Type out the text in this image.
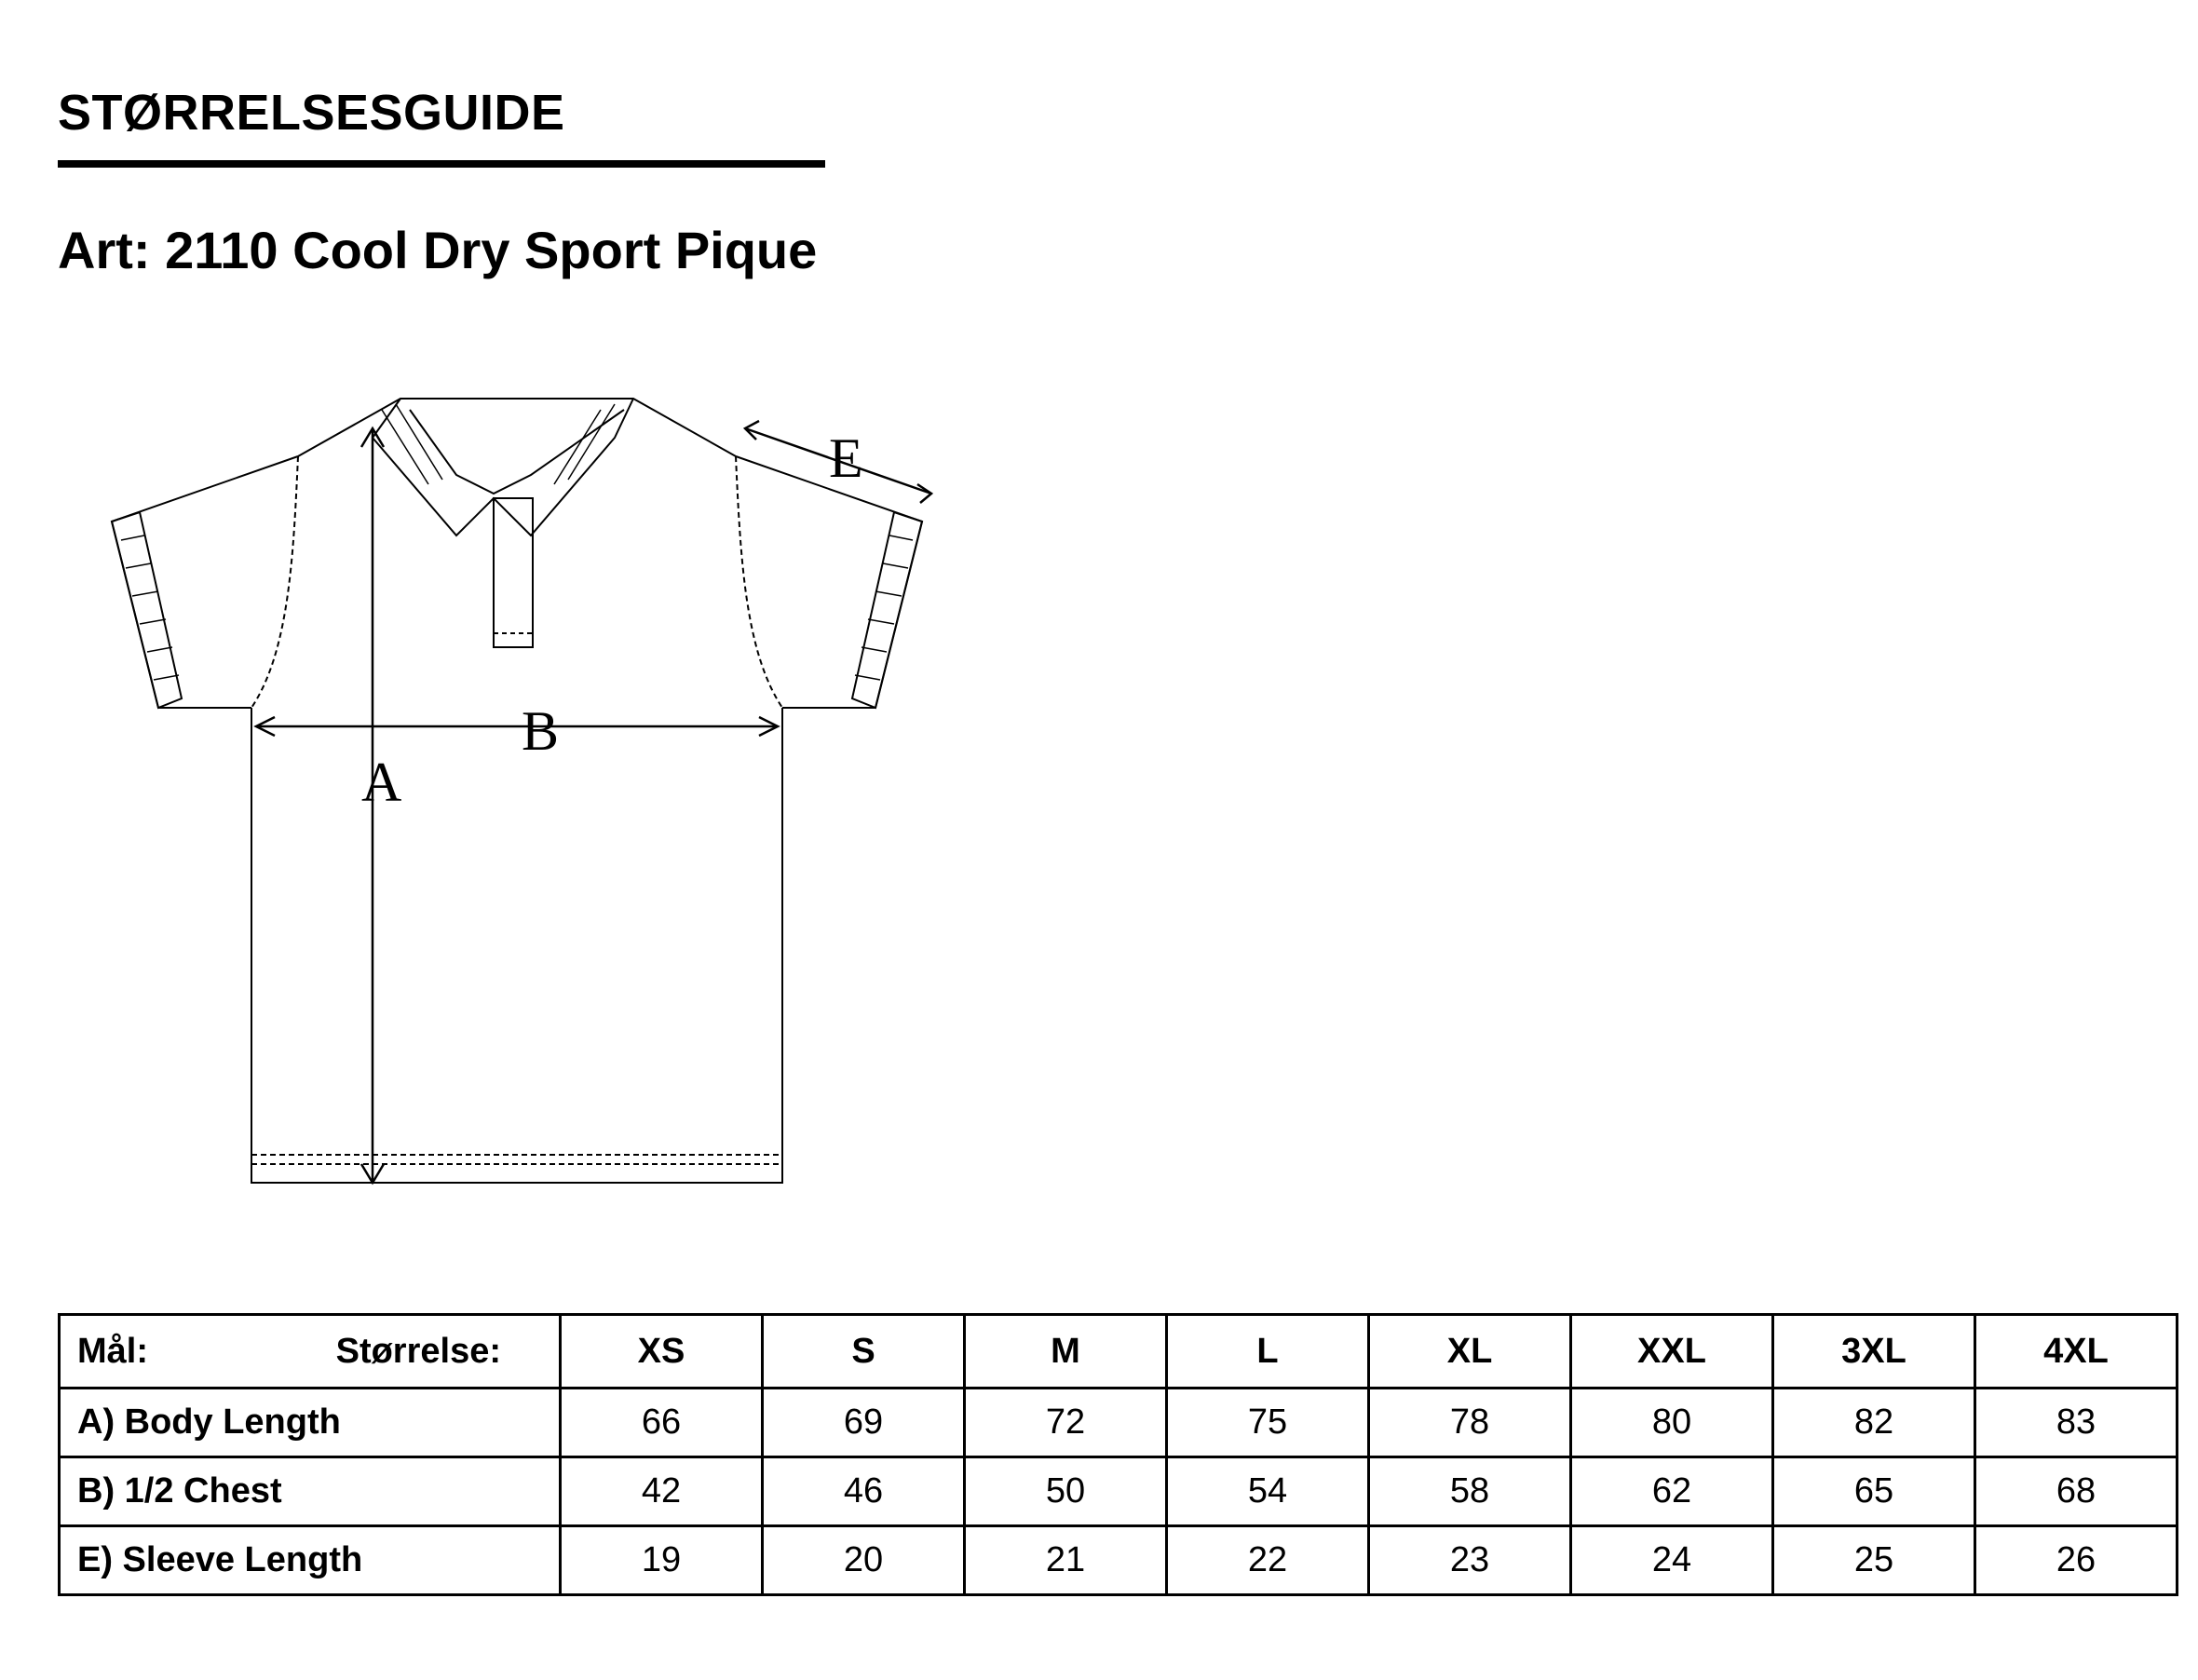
STØRRELSESGUIDE
Art: 2110 Cool Dry Sport Pique
A
B
E
Mål: Størrelse:	XS	S	M	L	XL	XXL	3XL	4XL
A) Body Length	66	69	72	75	78	80	82	83
B) 1/2 Chest	42	46	50	54	58	62	65	68
E) Sleeve Length	19	20	21	22	23	24	25	26
